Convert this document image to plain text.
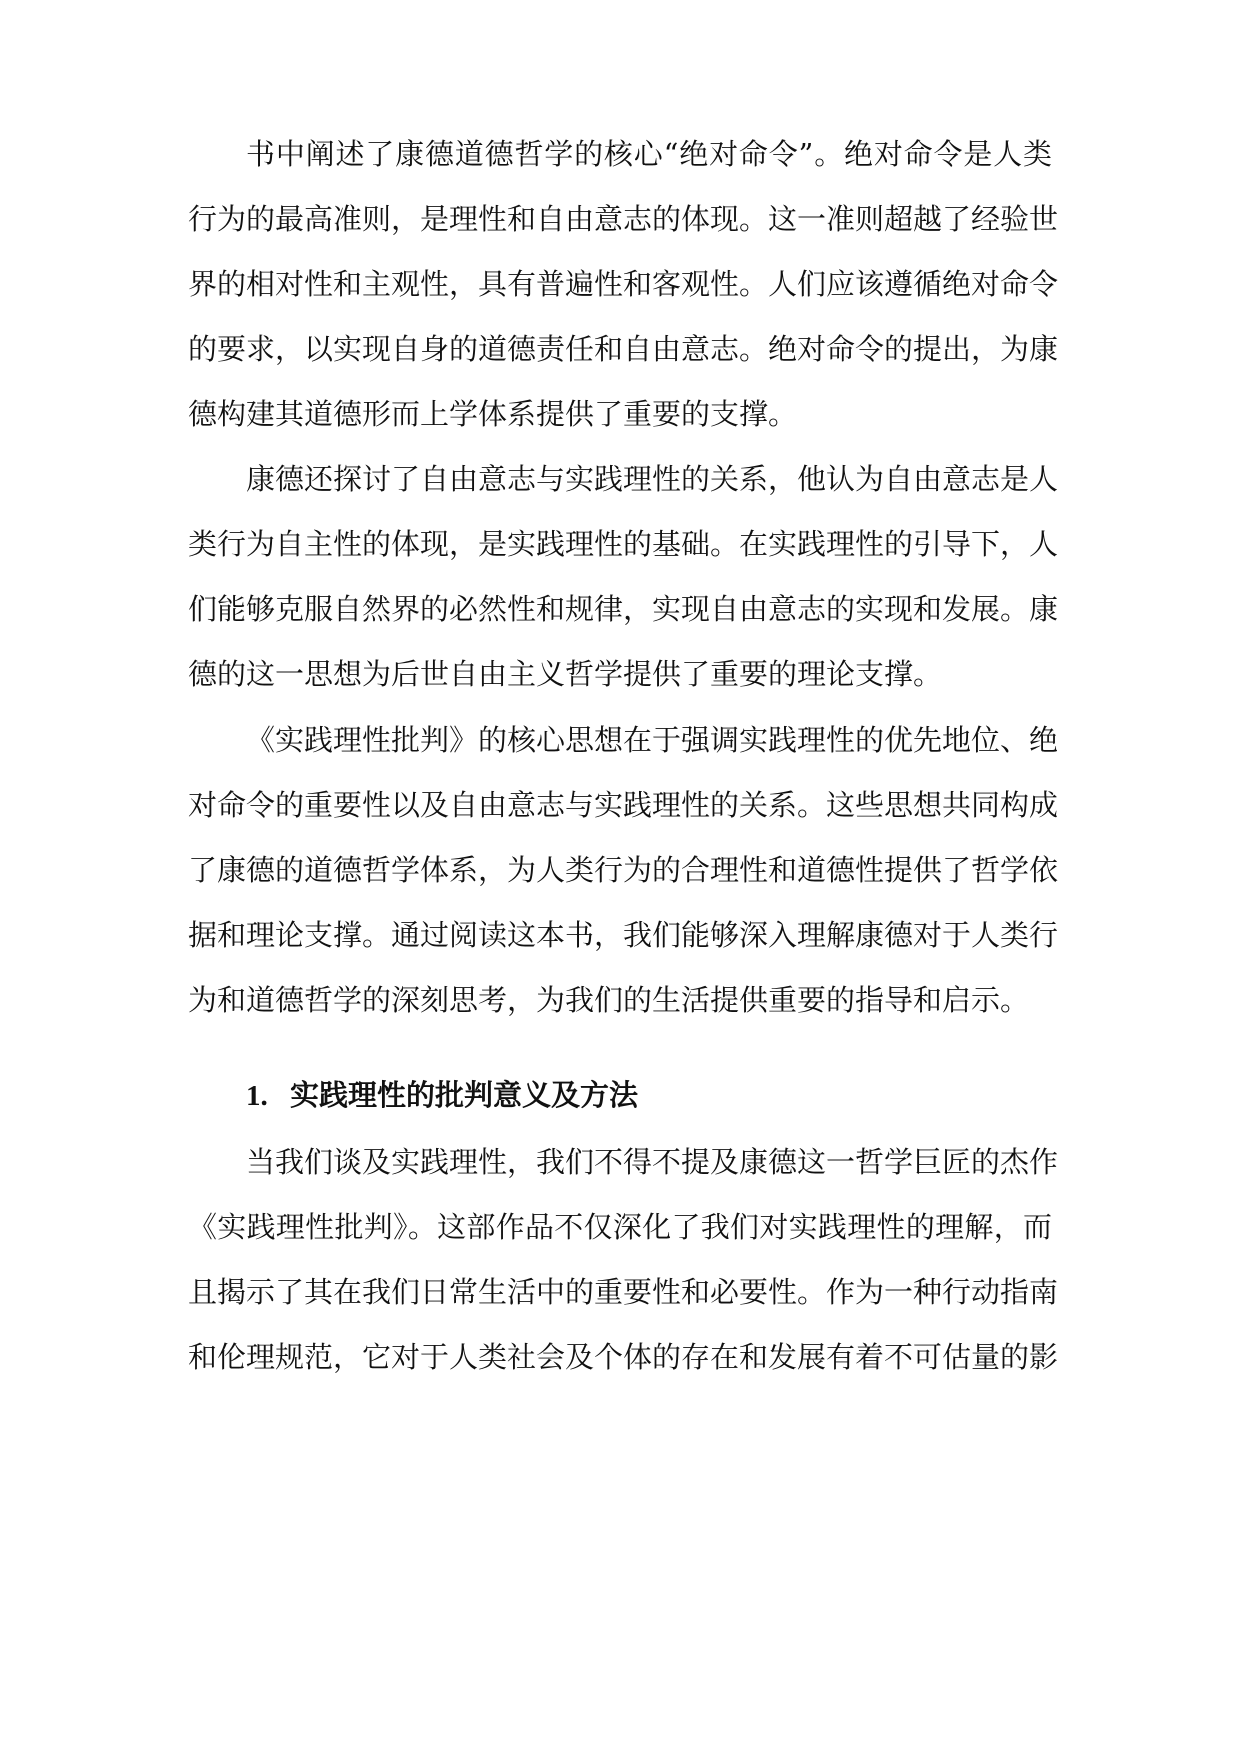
书中阐述了康德道德哲学的核心“绝对命令”。绝对命令是人类
行为的最高准则，是理性和自由意志的体现。这一准则超越了经验世
界的相对性和主观性，具有普遍性和客观性。人们应该遵循绝对命令
的要求，以实现自身的道德责任和自由意志。绝对命令的提出，为康
德构建其道德形而上学体系提供了重要的支撑。
康德还探讨了自由意志与实践理性的关系，他认为自由意志是人
类行为自主性的体现，是实践理性的基础。在实践理性的引导下，人
们能够克服自然界的必然性和规律，实现自由意志的实现和发展。康
德的这一思想为后世自由主义哲学提供了重要的理论支撑。
《实践理性批判》的核心思想在于强调实践理性的优先地位、绝
对命令的重要性以及自由意志与实践理性的关系。这些思想共同构成
了康德的道德哲学体系，为人类行为的合理性和道德性提供了哲学依
据和理论支撑。通过阅读这本书，我们能够深入理解康德对于人类行
为和道德哲学的深刻思考，为我们的生活提供重要的指导和启示。
1. 实践理性的批判意义及方法
当我们谈及实践理性，我们不得不提及康德这一哲学巨匠的杰作
《实践理性批判》。这部作品不仅深化了我们对实践理性的理解，而
且揭示了其在我们日常生活中的重要性和必要性。作为一种行动指南
和伦理规范，它对于人类社会及个体的存在和发展有着不可估量的影
